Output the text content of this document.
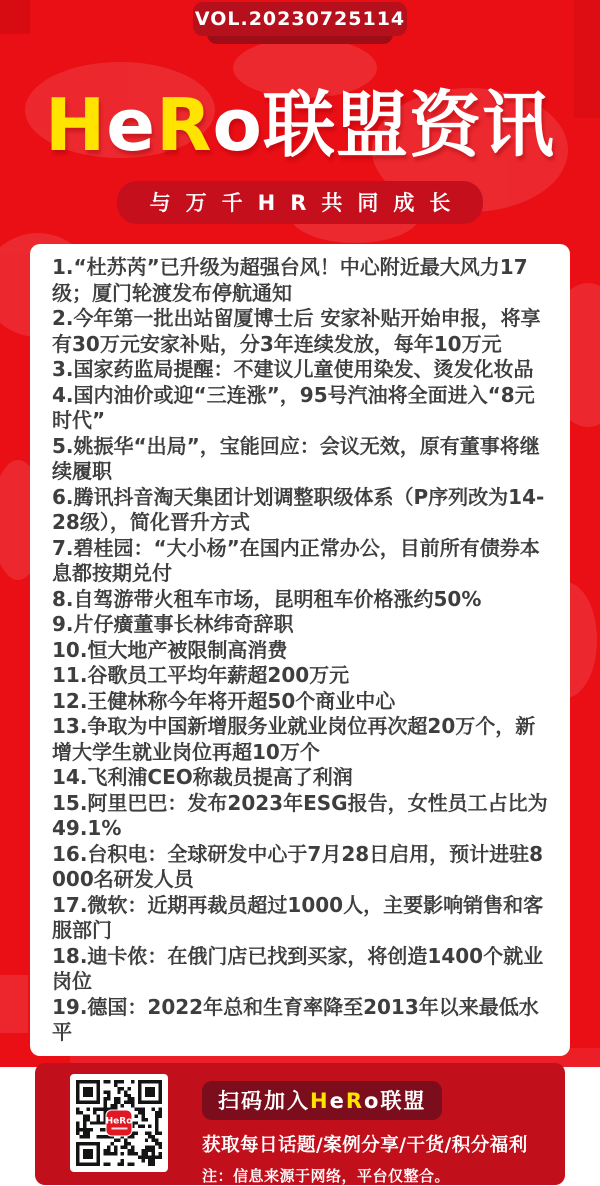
VOL.20230725114
HeRo联盟资讯
与万千HR共同成长

1.“杜苏芮”已升级为超强台风！中心附近最大风力17级；厦门轮渡发布停航通知

2.今年第一批出站留厦博士后 安家补贴开始申报，将享有30万元安家补贴，分3年连续发放，每年10万元

3.国家药监局提醒：不建议儿童使用染发、烫发化妆品

4.国内油价或迎“三连涨”，95号汽油将全面进入“8元时代”

5.姚振华“出局”，宝能回应：会议无效，原有董事将继续履职

6.腾讯抖音淘天集团计划调整职级体系（P序列改为14-28级），简化晋升方式

7.碧桂园：“大小杨”在国内正常办公，目前所有债券本息都按期兑付

8.自驾游带火租车市场，昆明租车价格涨约50%

9.片仔癀董事长林纬奇辞职

10.恒大地产被限制高消费

11.谷歌员工平均年薪超200万元

12.王健林称今年将开超50个商业中心

13.争取为中国新增服务业就业岗位再次超20万个，新增大学生就业岗位再超10万个

14.飞利浦CEO称裁员提高了利润

15.阿里巴巴：发布2023年ESG报告，女性员工占比为49.1%

16.台积电：全球研发中心于7月28日启用，预计进驻8000名研发人员

17.微软：近期再裁员超过1000人，主要影响销售和客服部门

18.迪卡侬：在俄门店已找到买家，将创造1400个就业岗位

19.德国：2022年总和生育率降至2013年以来最低水平

HeRo
扫码加入HeRo联盟
获取每日话题/案例分享/干货/积分福利
注：信息来源于网络，平台仅整合。
